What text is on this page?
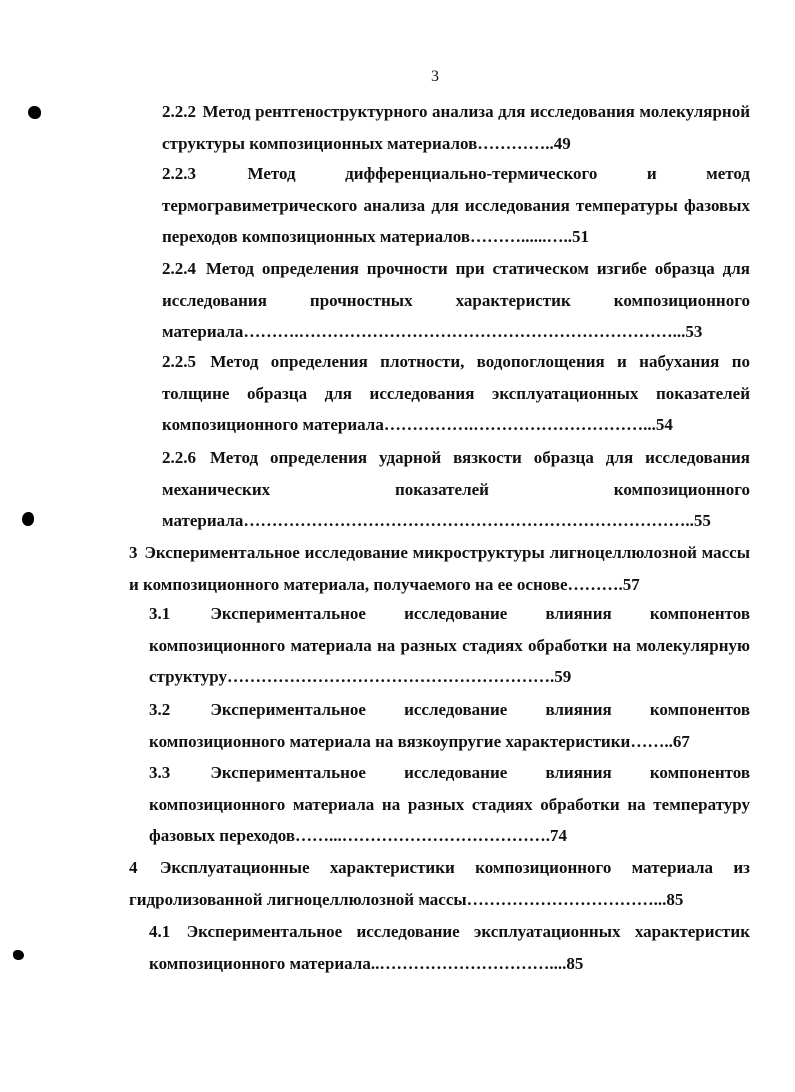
3
2.2.2 Метод рентгеноструктурного анализа для исследования молекулярной структуры композиционных материалов…………..49
2.2.3	Метод дифференциально-термического и метод термогравиметрического анализа для исследования температуры фазовых переходов композиционных материалов………......…..51
2.2.4 Метод определения прочности при статическом изгибе образца для исследования прочностных характеристик композиционного материала……….…………………………………………………………...53
2.2.5 Метод определения плотности, водопоглощения и набухания по толщине образца для исследования эксплуатационных показателей композиционного материала…………….…………………………...54
2.2.6 Метод определения ударной вязкости образца для исследования механических показателей композиционного материала……………………………………………………………………..55
3 Экспериментальное исследование микроструктуры лигноцеллюлозной массы и композиционного материала, получаемого на ее основе……….57
3.1 Экспериментальное исследование влияния компонентов композиционного материала на разных стадиях обработки на молекулярную структуру………………………………………………….59
3.2 Экспериментальное исследование влияния компонентов композиционного материала на вязкоупругие характеристики……..67
3.3 Экспериментальное исследование влияния компонентов композиционного материала на разных стадиях обработки на температуру фазовых переходов……...……………………………….74
4 Эксплуатационные характеристики композиционного материала из гидролизованной лигноцеллюлозной массы……………………………...85
4.1 Экспериментальное исследование эксплуатационных характеристик композиционного материала..…………………………....85
